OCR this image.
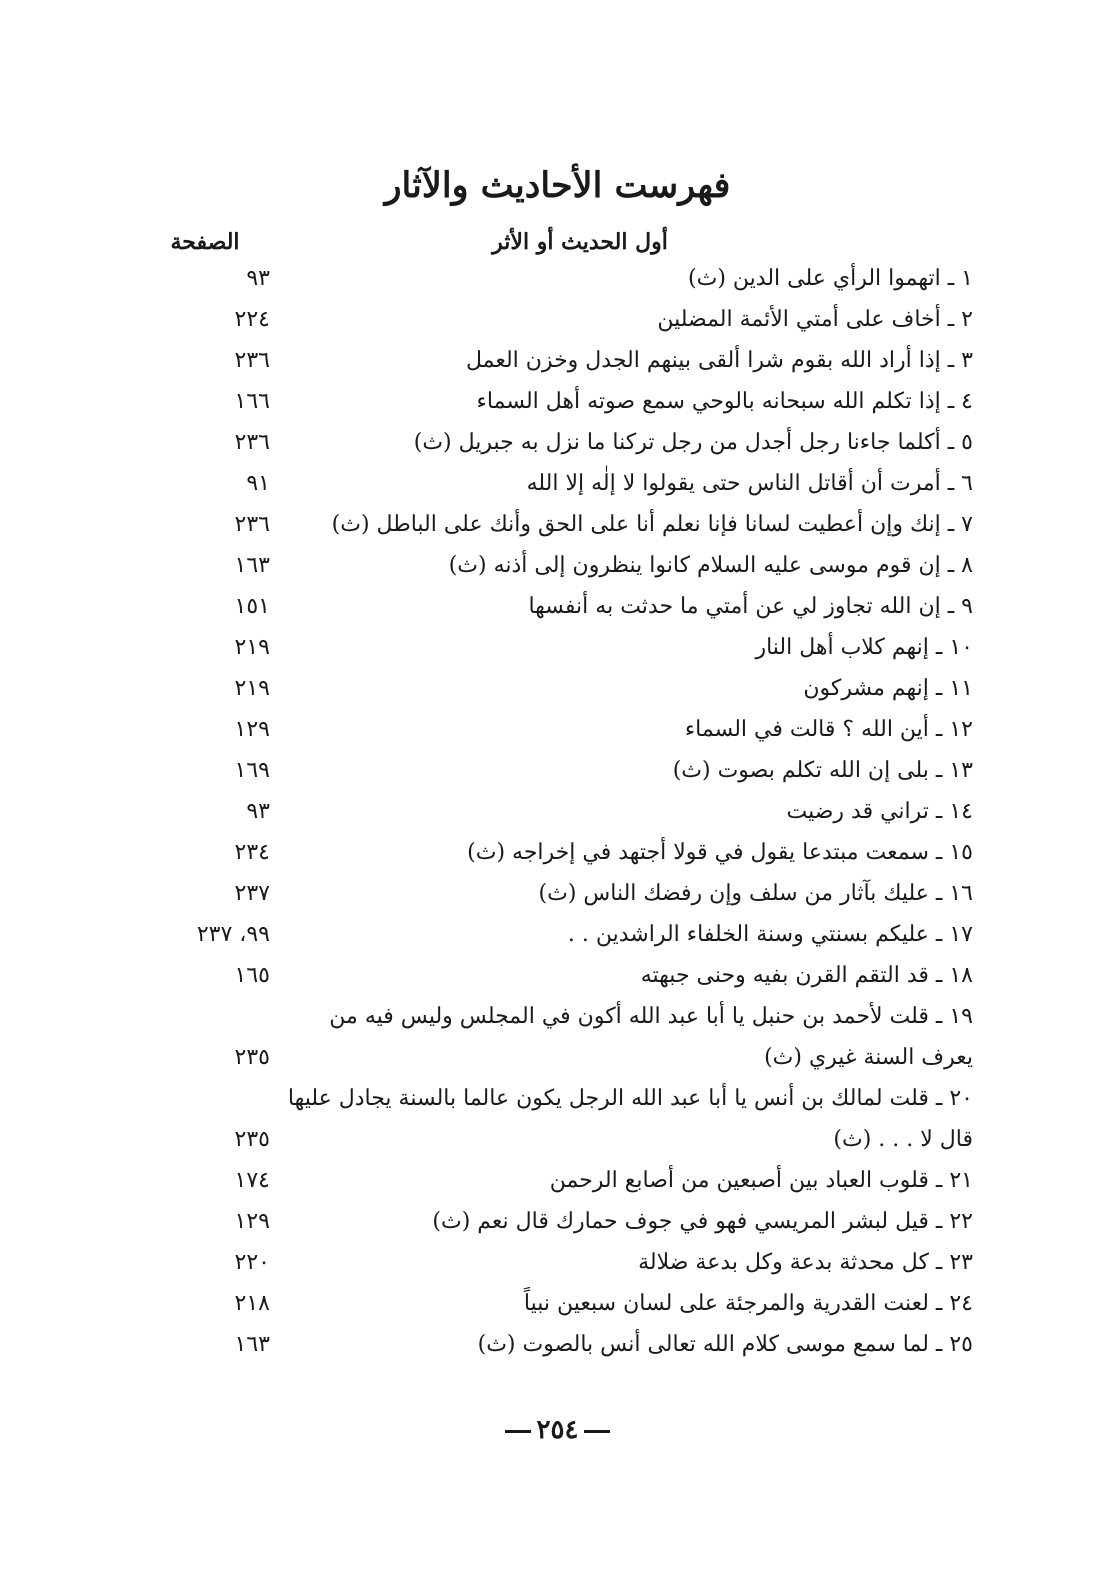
فهرست الأحاديث والآثار
أول الحديث أو الأثر
الصفحة
١ ـ اتهموا الرأي على الدين (ث)
٩٣
٢ ـ أخاف على أمتي الأئمة المضلين
٢٢٤
٣ ـ إذا أراد الله بقوم شرا ألقى بينهم الجدل وخزن العمل
٢٣٦
٤ ـ إذا تكلم الله سبحانه بالوحي سمع صوته أهل السماء
١٦٦
٥ ـ أكلما جاءنا رجل أجدل من رجل تركنا ما نزل به جبريل (ث)
٢٣٦
٦ ـ أمرت أن أقاتل الناس حتى يقولوا لا إلٰه إلا الله
٩١
٧ ـ إنك وإن أعطيت لسانا فإنا نعلم أنا على الحق وأنك على الباطل (ث)
٢٣٦
٨ ـ إن قوم موسى عليه السلام كانوا ينظرون إلى أذنه (ث)
١٦٣
٩ ـ إن الله تجاوز لي عن أمتي ما حدثت به أنفسها
١٥١
١٠ ـ إنهم كلاب أهل النار
٢١٩
١١ ـ إنهم مشركون
٢١٩
١٢ ـ أين الله ؟ قالت في السماء
١٢٩
١٣ ـ بلى إن الله تكلم بصوت (ث)
١٦٩
١٤ ـ تراني قد رضيت
٩٣
١٥ ـ سمعت مبتدعا يقول في قولا أجتهد في إخراجه (ث)
٢٣٤
١٦ ـ عليك بآثار من سلف وإن رفضك الناس (ث)
٢٣٧
١٧ ـ عليكم بسنتي وسنة الخلفاء الراشدين . .
٩٩، ٢٣٧
١٨ ـ قد التقم القرن بفيه وحنى جبهته
١٦٥
١٩ ـ قلت لأحمد بن حنبل يا أبا عبد الله أكون في المجلس وليس فيه من يعرف السنة غيري (ث)
٢٣٥
٢٠ ـ قلت لمالك بن أنس يا أبا عبد الله الرجل يكون عالما بالسنة يجادل عليها قال لا . . . (ث)
٢٣٥
٢١ ـ قلوب العباد بين أصبعين من أصابع الرحمن
١٧٤
٢٢ ـ قيل لبشر المريسي فهو في جوف حمارك قال نعم (ث)
١٢٩
٢٣ ـ كل محدثة بدعة وكل بدعة ضلالة
٢٢٠
٢٤ ـ لعنت القدرية والمرجئة على لسان سبعين نبياً
٢١٨
٢٥ ـ لما سمع موسى كلام الله تعالى أنس بالصوت (ث)
١٦٣
٢٥٤
